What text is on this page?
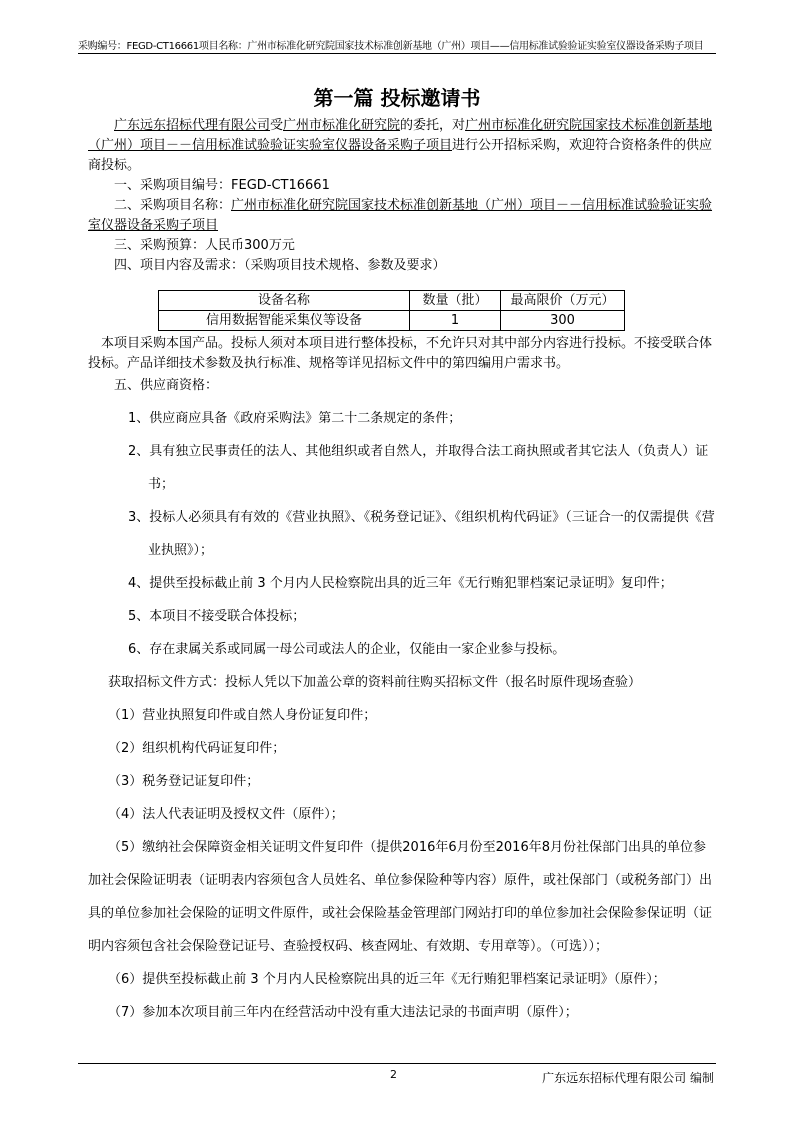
采购编号：FEGD-CT16661项目名称：广州市标准化研究院国家技术标准创新基地（广州）项目——信用标准试验验证实验室仪器设备采购子项目
第一篇 投标邀请书

广东远东招标代理有限公司受广州市标准化研究院的委托，对广州市标准化研究院国家技术标准创新基地（广州）项目－－信用标准试验验证实验室仪器设备采购子项目进行公开招标采购，欢迎符合资格条件的供应商投标。

一、采购项目编号：FEGD-CT16661

二、采购项目名称：广州市标准化研究院国家技术标准创新基地（广州）项目－－信用标准试验验证实验室仪器设备采购子项目

三、采购预算：人民币300万元

四、项目内容及需求：（采购项目技术规格、参数及要求）

设备名称	数量（批）	最高限价（万元）
信用数据智能采集仪等设备	1	300

本项目采购本国产品。投标人须对本项目进行整体投标，不允许只对其中部分内容进行投标。不接受联合体投标。产品详细技术参数及执行标准、规格等详见招标文件中的第四编用户需求书。

五、供应商资格：

1、供应商应具备《政府采购法》第二十二条规定的条件；

2、具有独立民事责任的法人、其他组织或者自然人，并取得合法工商执照或者其它法人（负责人）证书；

3、投标人必须具有有效的《营业执照》、《税务登记证》、《组织机构代码证》（三证合一的仅需提供《营业执照》）；

4、提供至投标截止前 3 个月内人民检察院出具的近三年《无行贿犯罪档案记录证明》复印件；

5、本项目不接受联合体投标；

6、存在隶属关系或同属一母公司或法人的企业，仅能由一家企业参与投标。

获取招标文件方式：投标人凭以下加盖公章的资料前往购买招标文件（报名时原件现场查验）

（1）营业执照复印件或自然人身份证复印件；

（2）组织机构代码证复印件；

（3）税务登记证复印件；

（4）法人代表证明及授权文件（原件）；

（5）缴纳社会保障资金相关证明文件复印件（提供2016年6月份至2016年8月份社保部门出具的单位参加社会保险证明表（证明表内容须包含人员姓名、单位参保险种等内容）原件，或社保部门（或税务部门）出具的单位参加社会保险的证明文件原件，或社会保险基金管理部门网站打印的单位参加社会保险参保证明（证明内容须包含社会保险登记证号、查验授权码、核查网址、有效期、专用章等）。（可选））；

（6）提供至投标截止前 3 个月内人民检察院出具的近三年《无行贿犯罪档案记录证明》（原件）；

（7）参加本次项目前三年内在经营活动中没有重大违法记录的书面声明（原件）；

2	广东远东招标代理有限公司 编制
